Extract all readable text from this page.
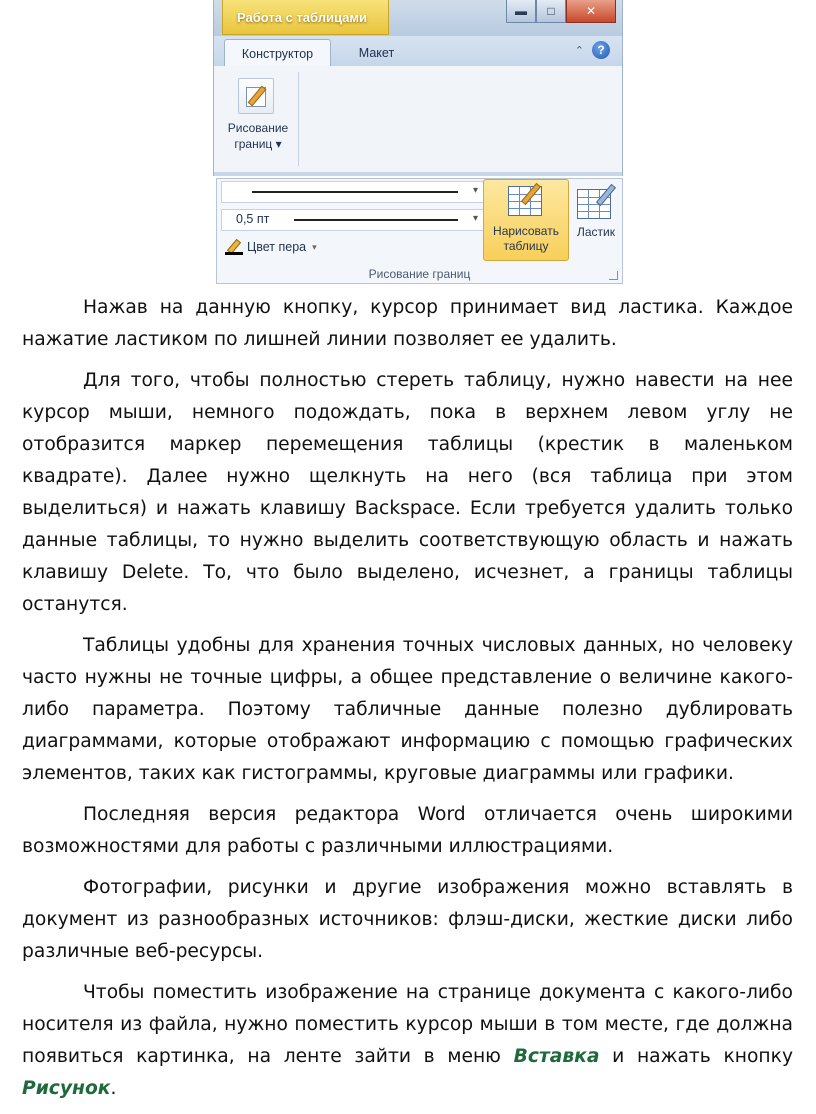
Работа с таблицами	▬	□	✕
Конструктор	Макет	⌃	?
Рисование
границ ▾
▾
0,5 пт	▾
Цвет пера ▾
Нарисовать
таблицу
Ластик
Рисование границ

Нажав на данную кнопку, курсор принимает вид ластика. Каждое нажатие ластиком по лишней линии позволяет ее удалить.

Для того, чтобы полностью стереть таблицу, нужно навести на нее курсор мыши, немного подождать, пока в верхнем левом углу не отобразится маркер перемещения таблицы (крестик в маленьком квадрате). Далее нужно щелкнуть на него (вся таблица при этом выделиться) и нажать клавишу Backspace. Если требуется удалить только данные таблицы, то нужно выделить соответствующую область и нажать клавишу Delete. То, что было выделено, исчезнет, а границы таблицы останутся.

Таблицы удобны для хранения точных числовых данных, но человеку часто нужны не точные цифры, а общее представление о величине какого-либо параметра. Поэтому табличные данные полезно дублировать диаграммами, которые отображают информацию с помощью графических элементов, таких как гистограммы, круговые диаграммы или графики.

Последняя версия редактора Word отличается очень широкими возможностями для работы с различными иллюстрациями.

Фотографии, рисунки и другие изображения можно вставлять в документ из разнообразных источников: флэш-диски, жесткие диски либо различные веб-ресурсы.

Чтобы поместить изображение на странице документа с какого-либо носителя из файла, нужно поместить курсор мыши в том месте, где должна появиться картинка, на ленте зайти в меню Вставка и нажать кнопку Рисунок.
